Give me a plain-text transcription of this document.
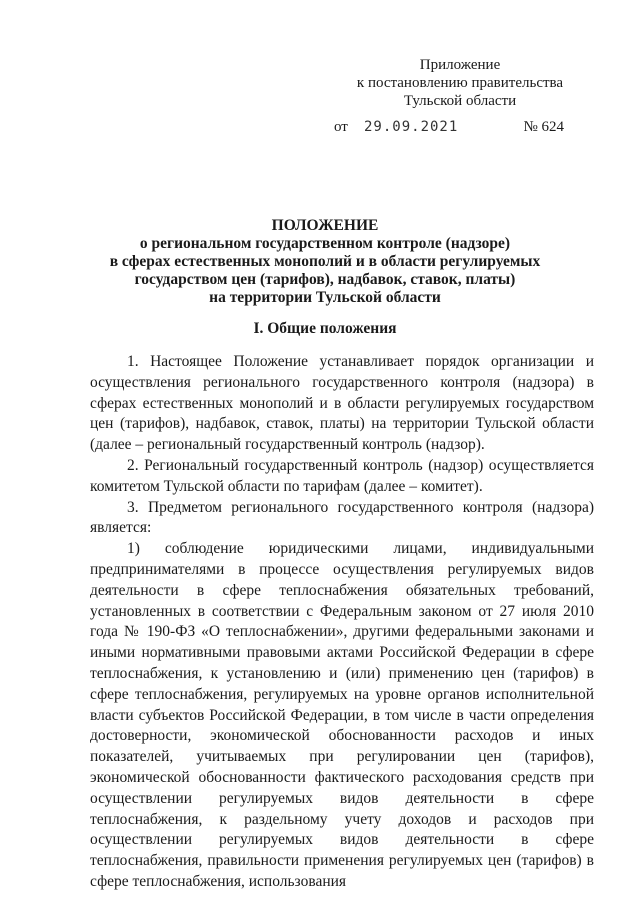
Приложение
к постановлению правительства
Тульской области
от 29.09.2021	№ 624
ПОЛОЖЕНИЕ
о региональном государственном контроле (надзоре)
в сферах естественных монополий и в области регулируемых
государством цен (тарифов), надбавок, ставок, платы)
на территории Тульской области
I. Общие положения

1. Настоящее Положение устанавливает порядок организации и осуществления регионального государственного контроля (надзора) в сферах естественных монополий и в области регулируемых государством цен (тарифов), надбавок, ставок, платы) на территории Тульской области (далее – региональный государственный контроль (надзор).

2. Региональный государственный контроль (надзор) осуществляется комитетом Тульской области по тарифам (далее – комитет).

3. Предметом регионального государственного контроля (надзора) является:

1) соблюдение юридическими лицами, индивидуальными предпринимателями в процессе осуществления регулируемых видов деятельности в сфере теплоснабжения обязательных требований, установленных в соответствии с Федеральным законом от 27 июля 2010 года № 190-ФЗ «О теплоснабжении», другими федеральными законами и иными нормативными правовыми актами Российской Федерации в сфере теплоснабжения, к установлению и (или) применению цен (тарифов) в сфере теплоснабжения, регулируемых на уровне органов исполнительной власти субъектов Российской Федерации, в том числе в части определения достоверности, экономической обоснованности расходов и иных показателей, учитываемых при регулировании цен (тарифов), экономической обоснованности фактического расходования средств при осуществлении регулируемых видов деятельности в сфере теплоснабжения, к раздельному учету доходов и расходов при осуществлении регулируемых видов деятельности в сфере теплоснабжения, правильности применения регулируемых цен (тарифов) в сфере теплоснабжения, использования
